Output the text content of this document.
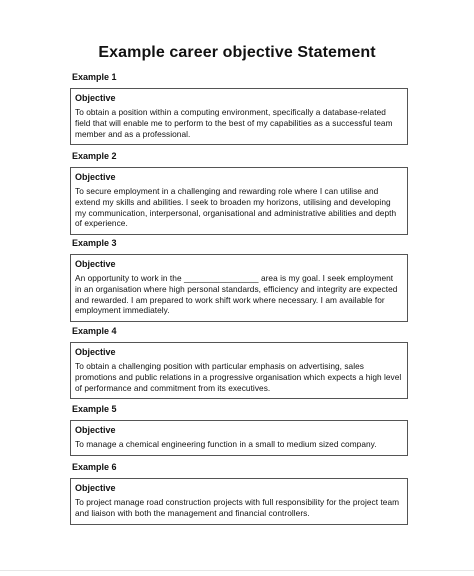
Example career objective Statement
Example 1
Objective
To obtain a position within a computing environment, specifically a database-related field that will enable me to perform to the best of my capabilities as a successful team member and as a professional.
Example 2
Objective
To secure employment in a challenging and rewarding role where I can utilise and extend my skills and abilities. I seek to broaden my horizons, utilising and developing my communication, interpersonal, organisational and administrative abilities and depth of experience.
Example 3
Objective
An opportunity to work in the ________________ area is my goal. I seek employment in an organisation where high personal standards, efficiency and integrity are expected and rewarded. I am prepared to work shift work where necessary. I am available for employment immediately.
Example 4
Objective
To obtain a challenging position with particular emphasis on advertising, sales promotions and public relations in a progressive organisation which expects a high level of performance and commitment from its executives.
Example 5
Objective
To manage a chemical engineering function in a small to medium sized company.
Example 6
Objective
To project manage road construction projects with full responsibility for the project team and liaison with both the management and financial controllers.
